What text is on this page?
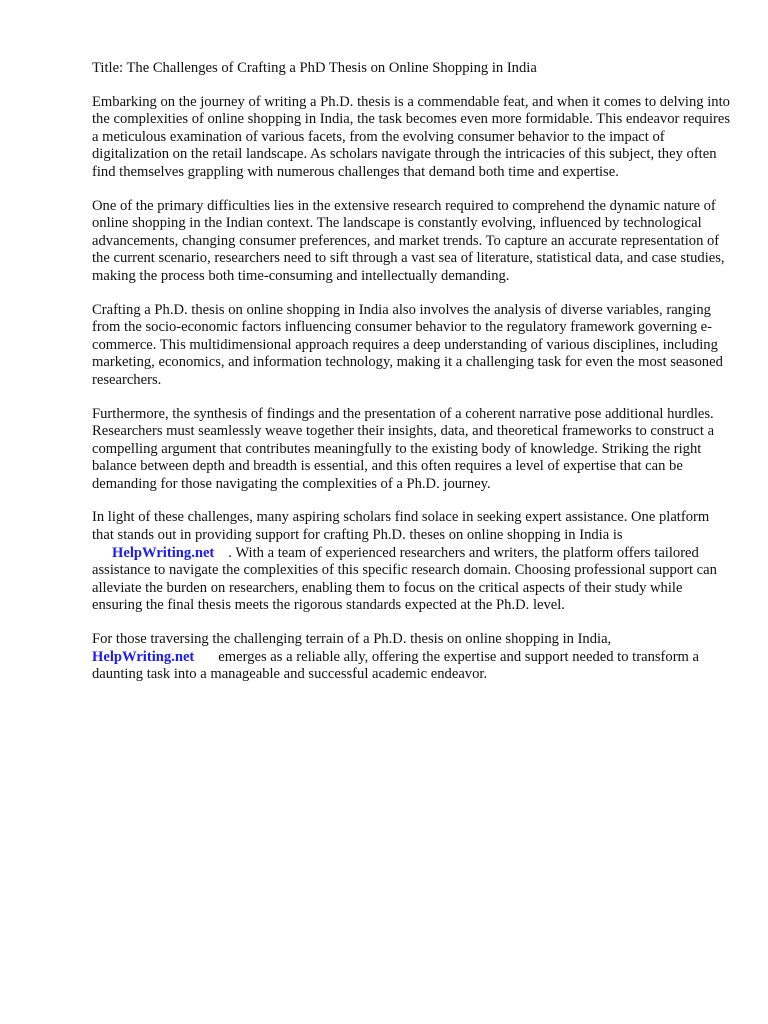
Title: The Challenges of Crafting a PhD Thesis on Online Shopping in India

Embarking on the journey of writing a Ph.D. thesis is a commendable feat, and when it comes to delving into the complexities of online shopping in India, the task becomes even more formidable. This endeavor requires a meticulous examination of various facets, from the evolving consumer behavior to the impact of digitalization on the retail landscape. As scholars navigate through the intricacies of this subject, they often find themselves grappling with numerous challenges that demand both time and expertise.

One of the primary difficulties lies in the extensive research required to comprehend the dynamic nature of online shopping in the Indian context. The landscape is constantly evolving, influenced by technological advancements, changing consumer preferences, and market trends. To capture an accurate representation of the current scenario, researchers need to sift through a vast sea of literature, statistical data, and case studies, making the process both time-consuming and intellectually demanding.

Crafting a Ph.D. thesis on online shopping in India also involves the analysis of diverse variables, ranging from the socio-economic factors influencing consumer behavior to the regulatory framework governing e-commerce. This multidimensional approach requires a deep understanding of various disciplines, including marketing, economics, and information technology, making it a challenging task for even the most seasoned researchers.

Furthermore, the synthesis of findings and the presentation of a coherent narrative pose additional hurdles. Researchers must seamlessly weave together their insights, data, and theoretical frameworks to construct a compelling argument that contributes meaningfully to the existing body of knowledge. Striking the right balance between depth and breadth is essential, and this often requires a level of expertise that can be demanding for those navigating the complexities of a Ph.D. journey.

In light of these challenges, many aspiring scholars find solace in seeking expert assistance. One platform that stands out in providing support for crafting Ph.D. theses on online shopping in India is HelpWriting.net . With a team of experienced researchers and writers, the platform offers tailored assistance to navigate the complexities of this specific research domain. Choosing professional support can alleviate the burden on researchers, enabling them to focus on the critical aspects of their study while ensuring the final thesis meets the rigorous standards expected at the Ph.D. level.

For those traversing the challenging terrain of a Ph.D. thesis on online shopping in India, HelpWriting.net emerges as a reliable ally, offering the expertise and support needed to transform a daunting task into a manageable and successful academic endeavor.
